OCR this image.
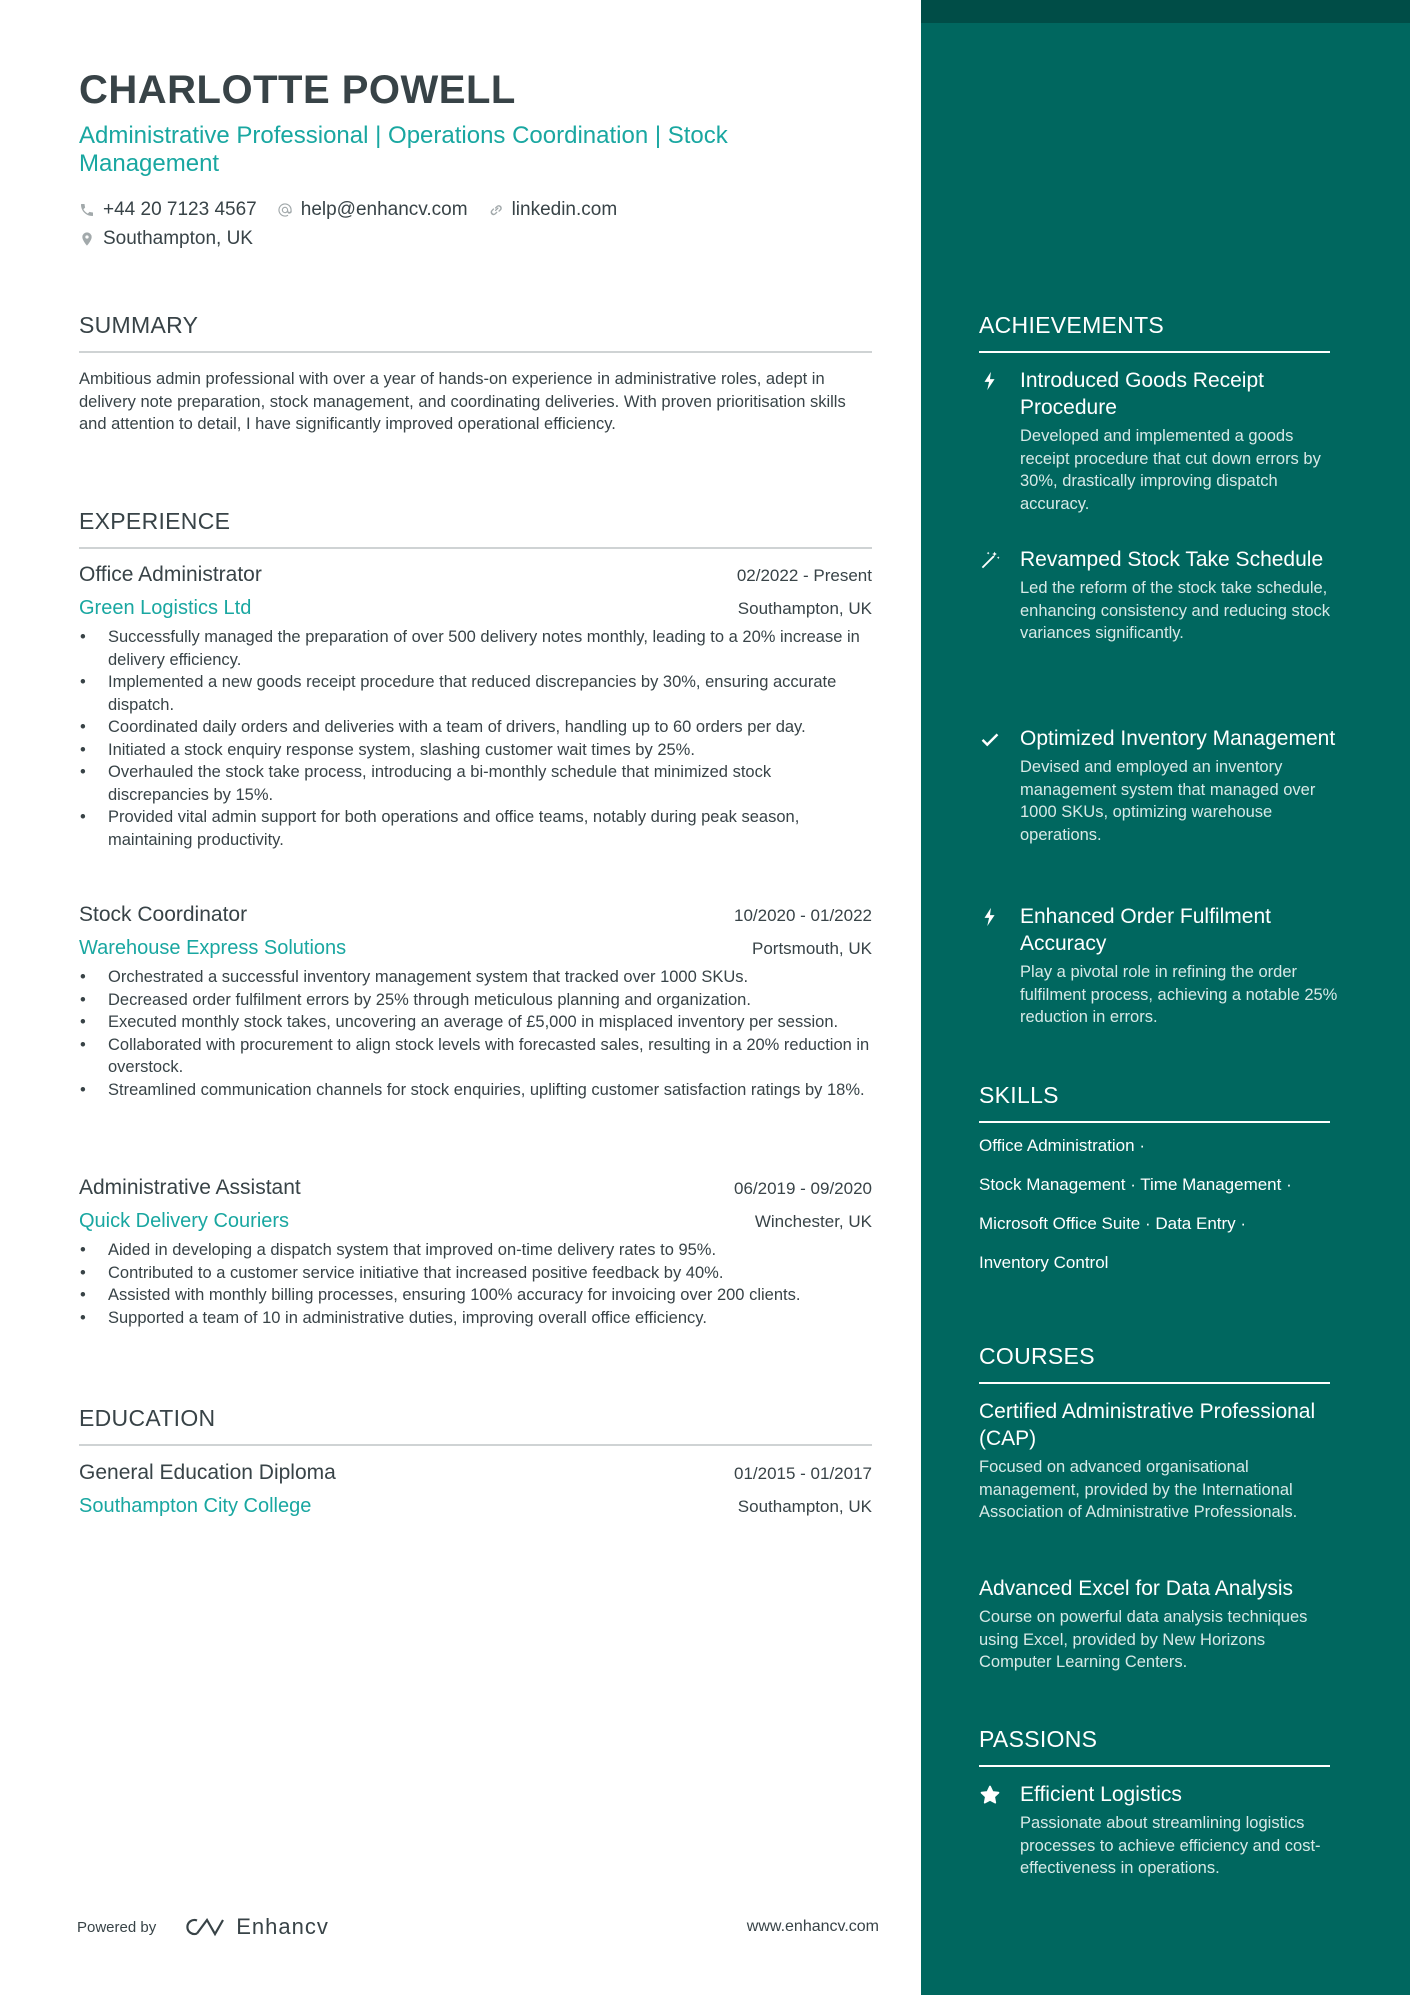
CHARLOTTE POWELL
Administrative Professional | Operations Coordination | Stock Management
+44 20 7123 4567 help@enhancv.com linkedin.com
Southampton, UK
SUMMARY
Ambitious admin professional with over a year of hands-on experience in administrative roles, adept in delivery note preparation, stock management, and coordinating deliveries. With proven prioritisation skills and attention to detail, I have significantly improved operational efficiency.
EXPERIENCE
Office Administrator	02/2022 - Present
Green Logistics Ltd	Southampton, UK
• Successfully managed the preparation of over 500 delivery notes monthly, leading to a 20% increase in delivery efficiency.
• Implemented a new goods receipt procedure that reduced discrepancies by 30%, ensuring accurate dispatch.
• Coordinated daily orders and deliveries with a team of drivers, handling up to 60 orders per day.
• Initiated a stock enquiry response system, slashing customer wait times by 25%.
• Overhauled the stock take process, introducing a bi-monthly schedule that minimized stock discrepancies by 15%.
• Provided vital admin support for both operations and office teams, notably during peak season, maintaining productivity.
Stock Coordinator	10/2020 - 01/2022
Warehouse Express Solutions	Portsmouth, UK
• Orchestrated a successful inventory management system that tracked over 1000 SKUs.
• Decreased order fulfilment errors by 25% through meticulous planning and organization.
• Executed monthly stock takes, uncovering an average of £5,000 in misplaced inventory per session.
• Collaborated with procurement to align stock levels with forecasted sales, resulting in a 20% reduction in overstock.
• Streamlined communication channels for stock enquiries, uplifting customer satisfaction ratings by 18%.
Administrative Assistant	06/2019 - 09/2020
Quick Delivery Couriers	Winchester, UK
• Aided in developing a dispatch system that improved on-time delivery rates to 95%.
• Contributed to a customer service initiative that increased positive feedback by 40%.
• Assisted with monthly billing processes, ensuring 100% accuracy for invoicing over 200 clients.
• Supported a team of 10 in administrative duties, improving overall office efficiency.
EDUCATION
General Education Diploma	01/2015 - 01/2017
Southampton City College	Southampton, UK
Powered by	Enhancv	www.enhancv.com
ACHIEVEMENTS
Introduced Goods Receipt Procedure
Developed and implemented a goods receipt procedure that cut down errors by 30%, drastically improving dispatch accuracy.
Revamped Stock Take Schedule
Led the reform of the stock take schedule, enhancing consistency and reducing stock variances significantly.
Optimized Inventory Management
Devised and employed an inventory management system that managed over 1000 SKUs, optimizing warehouse operations.
Enhanced Order Fulfilment Accuracy
Play a pivotal role in refining the order fulfilment process, achieving a notable 25% reduction in errors.
SKILLS
Office Administration ·
Stock Management · Time Management ·
Microsoft Office Suite · Data Entry ·
Inventory Control
COURSES
Certified Administrative Professional (CAP)
Focused on advanced organisational management, provided by the International Association of Administrative Professionals.
Advanced Excel for Data Analysis
Course on powerful data analysis techniques using Excel, provided by New Horizons Computer Learning Centers.
PASSIONS
Efficient Logistics
Passionate about streamlining logistics processes to achieve efficiency and cost-effectiveness in operations.
